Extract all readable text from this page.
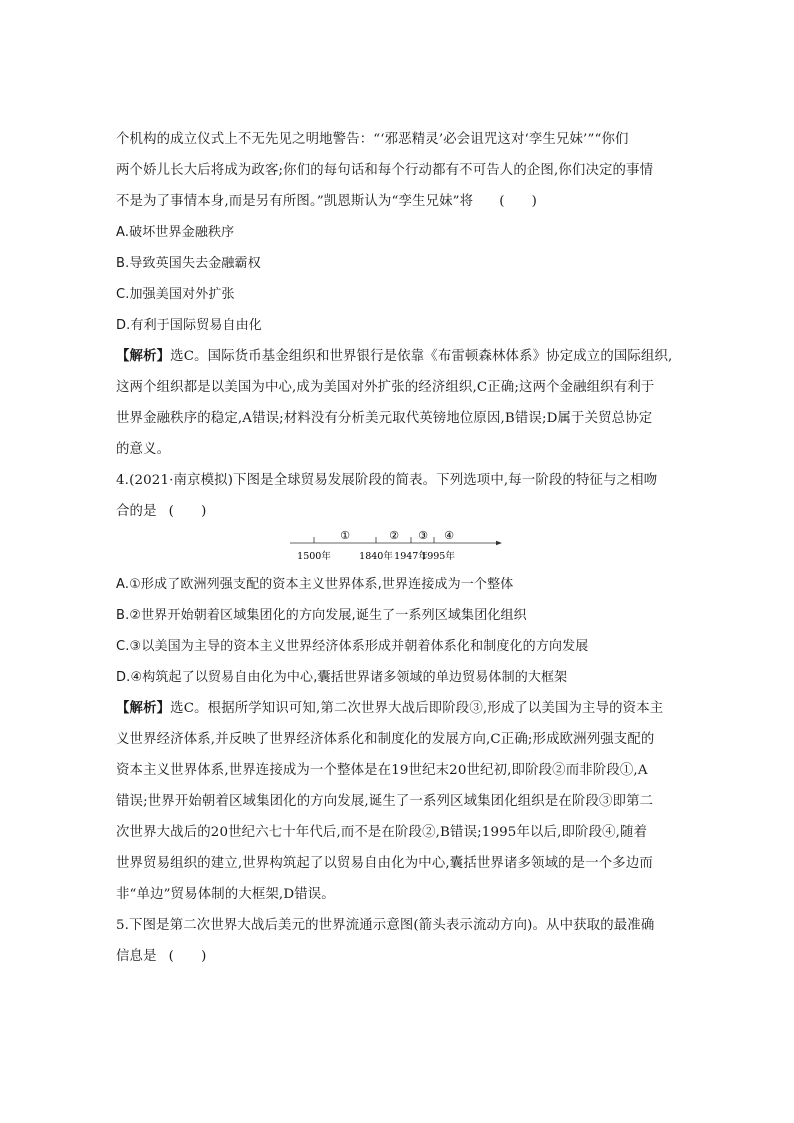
个机构的成立仪式上不无先见之明地警告：“‘邪恶精灵’必会诅咒这对‘孪生兄妹’”“你们
两个娇儿长大后将成为政客;你们的每句话和每个行动都有不可告人的企图,你们决定的事情
不是为了事情本身,而是另有所图。”凯恩斯认为“孪生兄妹”将 (　　)
A.破坏世界金融秩序
B.导致英国失去金融霸权
C.加强美国对外扩张
D.有利于国际贸易自由化
【解析】选C。国际货币基金组织和世界银行是依靠《布雷顿森林体系》协定成立的国际组织,
这两个组织都是以美国为中心,成为美国对外扩张的经济组织,C正确;这两个金融组织有利于
世界金融秩序的稳定,A错误;材料没有分析美元取代英镑地位原因,B错误;D属于关贸总协定
的意义。
4.(2021·南京模拟)下图是全球贸易发展阶段的简表。下列选项中,每一阶段的特征与之相吻
合的是 (　　)
①	② ③ ④
1500年	1840年 1947年
1995年
A.①形成了欧洲列强支配的资本主义世界体系,世界连接成为一个整体
B.②世界开始朝着区域集团化的方向发展,诞生了一系列区域集团化组织
C.③以美国为主导的资本主义世界经济体系形成并朝着体系化和制度化的方向发展
D.④构筑起了以贸易自由化为中心,囊括世界诸多领域的单边贸易体制的大框架
【解析】选C。根据所学知识可知,第二次世界大战后即阶段③,形成了以美国为主导的资本主
义世界经济体系,并反映了世界经济体系化和制度化的发展方向,C正确;形成欧洲列强支配的
资本主义世界体系,世界连接成为一个整体是在19世纪末20世纪初,即阶段②而非阶段①,A
错误;世界开始朝着区域集团化的方向发展,诞生了一系列区域集团化组织是在阶段③即第二
次世界大战后的20世纪六七十年代后,而不是在阶段②,B错误;1995年以后,即阶段④,随着
世界贸易组织的建立,世界构筑起了以贸易自由化为中心,囊括世界诸多领域的是一个多边而
非“单边”贸易体制的大框架,D错误。
5.下图是第二次世界大战后美元的世界流通示意图(箭头表示流动方向)。从中获取的最准确
信息是 (　　)
